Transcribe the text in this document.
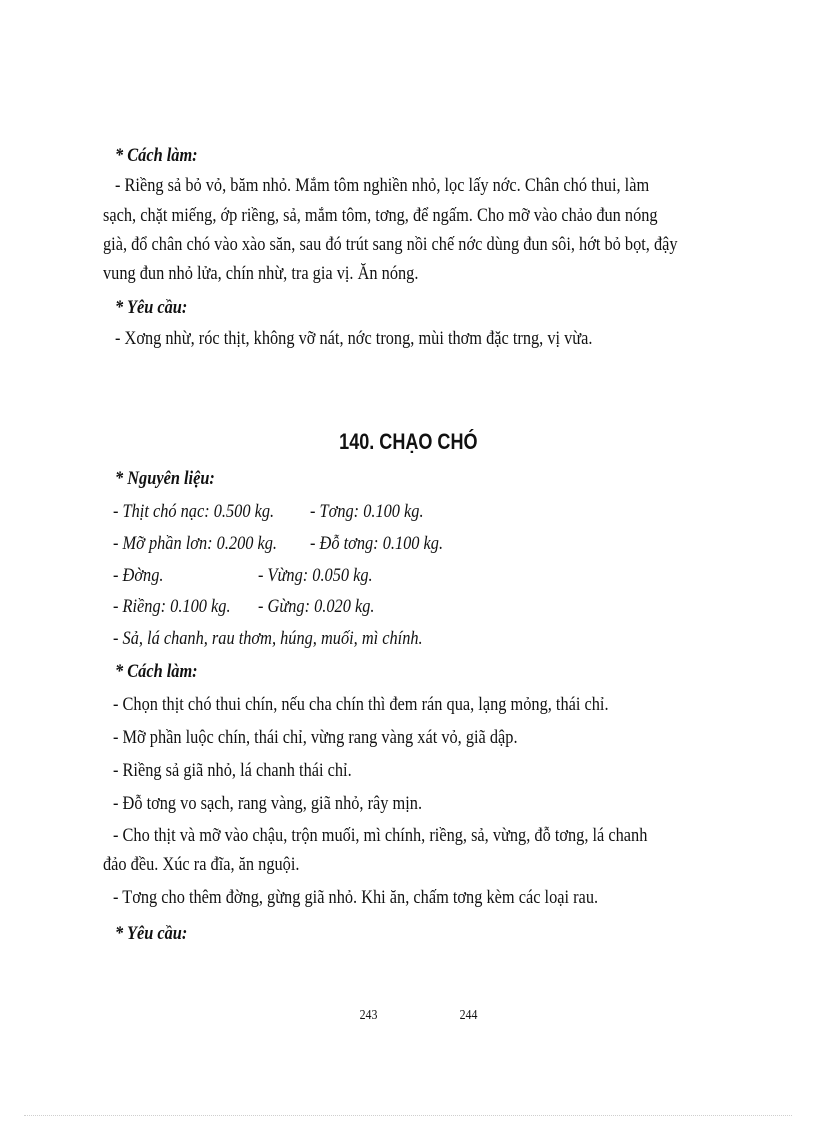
* Cách làm:
- Riềng sả bỏ vỏ, băm nhỏ. Mắm tôm nghiền nhỏ, lọc lấy nớc. Chân chó thui, làm
sạch, chặt miếng, ớp riềng, sả, mắm tôm, tơng, để ngấm. Cho mỡ vào chảo đun nóng
già, đổ chân chó vào xào săn, sau đó trút sang nồi chế nớc dùng đun sôi, hớt bỏ bọt, đậy
vung đun nhỏ lửa, chín nhừ, tra gia vị. Ăn nóng.
* Yêu cầu:
- Xơng nhừ, róc thịt, không vỡ nát, nớc trong, mùi thơm đặc trng, vị vừa.
140. CHẠO CHÓ
* Nguyên liệu:
- Thịt chó nạc: 0.500 kg. - Tơng: 0.100 kg.
- Mỡ phần lơn: 0.200 kg. - Đỗ tơng: 0.100 kg.
- Đờng.	- Vừng: 0.050 kg.
- Riềng: 0.100 kg. - Gừng: 0.020 kg.
- Sả, lá chanh, rau thơm, húng, muối, mì chính.
* Cách làm:
- Chọn thịt chó thui chín, nếu cha chín thì đem rán qua, lạng mỏng, thái chỉ.
- Mỡ phần luộc chín, thái chỉ, vừng rang vàng xát vỏ, giã dập.
- Riềng sả giã nhỏ, lá chanh thái chỉ.
- Đỗ tơng vo sạch, rang vàng, giã nhỏ, rây mịn.
- Cho thịt và mỡ vào chậu, trộn muối, mì chính, riềng, sả, vừng, đỗ tơng, lá chanh
đảo đều. Xúc ra đĩa, ăn nguội.
- Tơng cho thêm đờng, gừng giã nhỏ. Khi ăn, chấm tơng kèm các loại rau.
* Yêu cầu:
243	244
